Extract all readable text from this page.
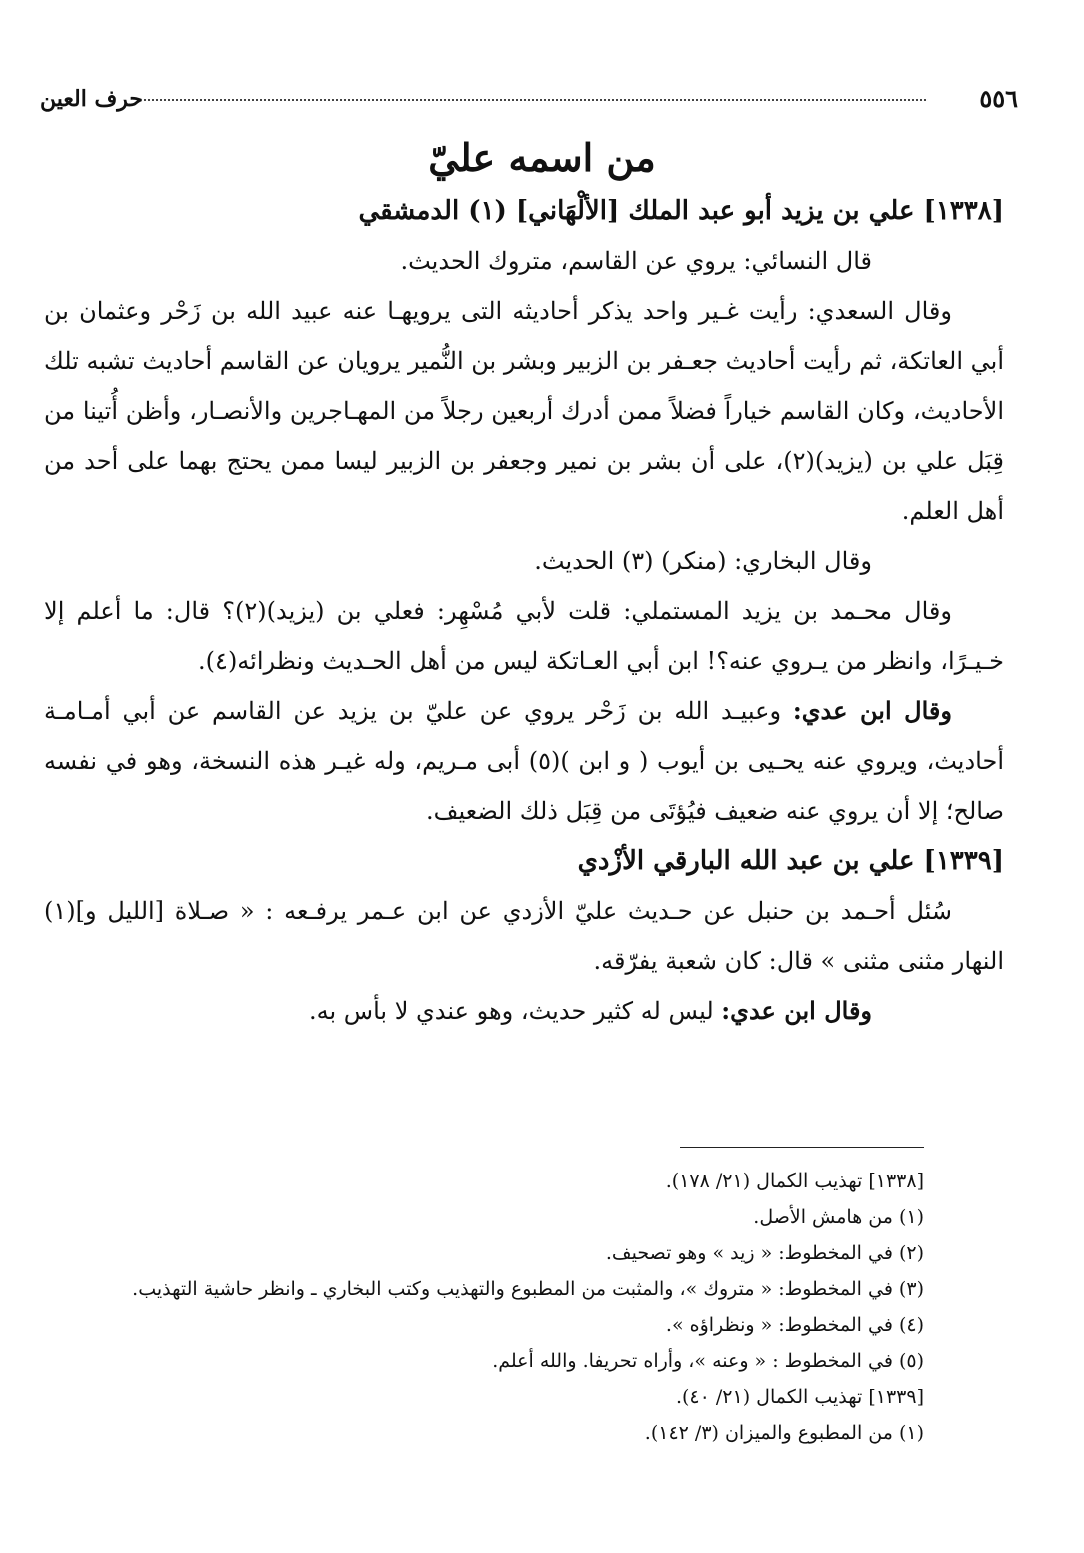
٥٥٦
حرف العين
من اسمه عليّ
[١٣٣٨] علي بن يزيد أبو عبد الملك [الألْهَاني] (١) الدمشقي

قال النسائي: يروي عن القاسم، متروك الحديث.

وقال السعدي: رأيت غـير واحد يذكر أحاديثه التى يرويهـا عنه عبيد الله بن زَحْر وعثمان بن أبي العاتكة، ثم رأيت أحاديث جعـفر بن الزبير وبشر بن النُّمير يرويان عن القاسم أحاديث تشبه تلك الأحاديث، وكان القاسم خياراً فضلاً ممن أدرك أربعين رجلاً من المهـاجرين والأنصـار، وأظن أُتينا من قِبَل علي بن (يزيد)(٢)، على أن بشر بن نمير وجعفر بن الزبير ليسا ممن يحتج بهما على أحد من أهل العلم.

وقال البخاري: (منكر) (٣) الحديث.

وقال محـمد بن يزيد المستملي: قلت لأبي مُسْهِر: فعلي بن (يزيد)(٢)؟ قال: ما أعلم إلا خـيـرًا، وانظر من يـروي عنه؟! ابن أبي العـاتكة ليس من أهل الحـديث ونظرائه(٤).

وقال ابن عدي: وعبيـد الله بن زَحْر يروي عن عليّ بن يزيد عن القاسم عن أبي أمـامـة أحاديث، ويروي عنه يحـيى بن أيوب ( و ابن )(٥) أبى مـريم، وله غيـر هذه النسخة، وهو في نفسه صالح؛ إلا أن يروي عنه ضعيف فيُؤتَى من قِبَل ذلك الضعيف.

[١٣٣٩] علي بن عبد الله البارقي الأزْدي

سُئل أحـمد بن حنبل عن حـديث عليّ الأزدي عن ابن عـمر يرفـعه : « صـلاة [الليل و](١) النهار مثنى مثنى » قال: كان شعبة يفرّقه.

وقال ابن عدي: ليس له كثير حديث، وهو عندي لا بأس به.

[١٣٣٨] تهذيب الكمال (٢١/ ١٧٨).
(١) من هامش الأصل.
(٢) في المخطوط: « زيد » وهو تصحيف.
(٣) في المخطوط: « متروك »، والمثبت من المطبوع والتهذيب وكتب البخاري ـ وانظر حاشية التهذيب.
(٤) في المخطوط: « ونظراؤه ».
(٥) في المخطوط : « وعنه »، وأراه تحريفا. والله أعلم.
[١٣٣٩] تهذيب الكمال (٢١/ ٤٠).
(١) من المطبوع والميزان (٣/ ١٤٢).
